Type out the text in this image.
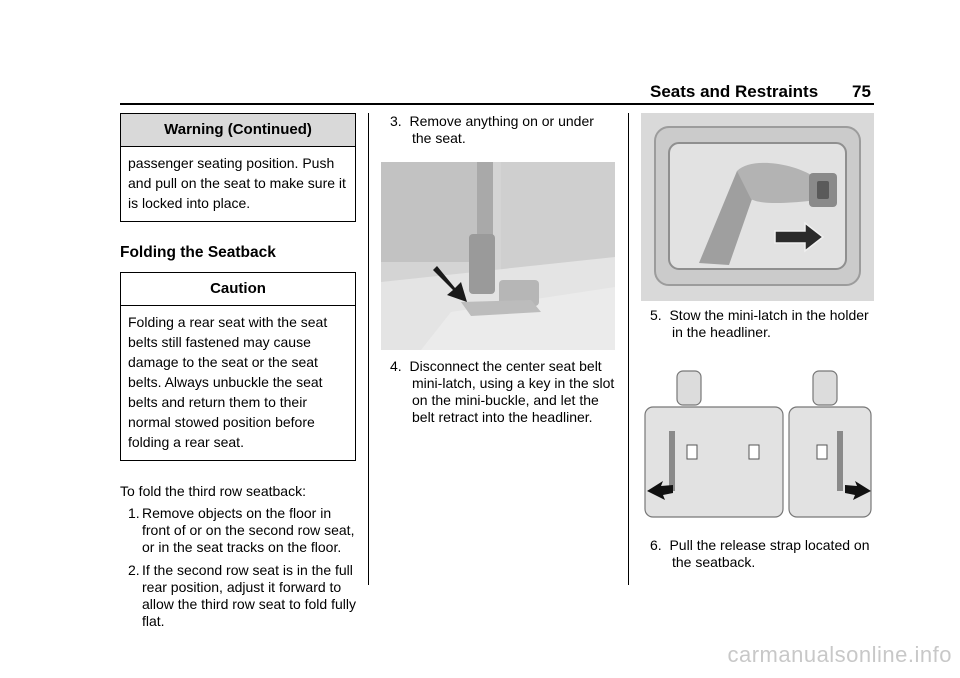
Seats and Restraints 75
Warning (Continued)
passenger seating position. Push and pull on the seat to make sure it is locked into place.
Folding the Seatback
Caution
Folding a rear seat with the seat belts still fastened may cause damage to the seat or the seat belts. Always unbuckle the seat belts and return them to their normal stowed position before folding a rear seat.
To fold the third row seatback:
1. Remove objects on the floor in front of or on the second row seat, or in the seat tracks on the floor.
2. If the second row seat is in the full rear position, adjust it forward to allow the third row seat to fold fully flat.
3. Remove anything on or under the seat.
4. Disconnect the center seat belt mini-latch, using a key in the slot on the mini-buckle, and let the belt retract into the headliner.
5. Stow the mini-latch in the holder in the headliner.
6. Pull the release strap located on the seatback.
carmanualsonline.info
